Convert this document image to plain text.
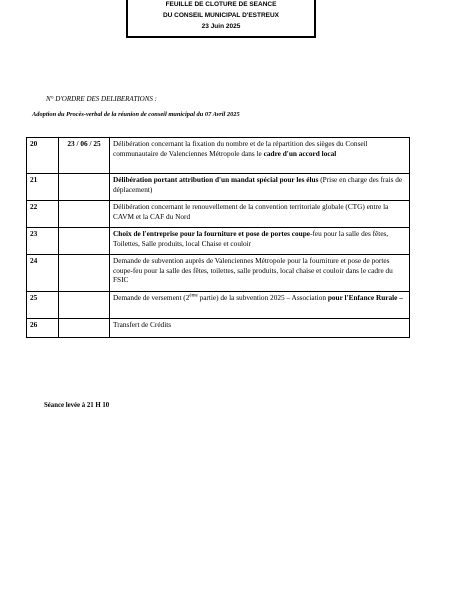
FEUILLE DE CLOTURE DE SEANCE
DU CONSEIL MUNICIPAL D'ESTREUX
23 Juin 2025
N° D'ORDRE DES DELIBERATIONS :
Adoption du Procès-verbal de la réunion de conseil municipal du 07 Avril 2025
20	23 / 06 / 25	Délibération concernant la fixation du nombre et de la répartition des sièges du Conseil communautaire de Valenciennes Métropole dans le cadre d'un accord local
21		Délibération portant attribution d'un mandat spécial pour les élus (Prise en charge des frais de déplacement)
22		Délibération concernant le renouvellement de la convention territoriale globale (CTG) entre la CAVM et la CAF du Nord
23		Choix de l'entreprise pour la fourniture et pose de portes coupe-feu pour la salle des fêtes, Toilettes, Salle produits, local Chaise et couloir
24		Demande de subvention auprès de Valenciennes Métropole pour la fourniture et pose de portes coupe-feu pour la salle des fêtes, toilettes, salle produits, local chaise et couloir dans le cadre du FSIC
25		Demande de versement (2ème partie) de la subvention 2025 – Association pour l'Enfance Rurale –
26		Transfert de Crédits
Séance levée à 21 H 10
